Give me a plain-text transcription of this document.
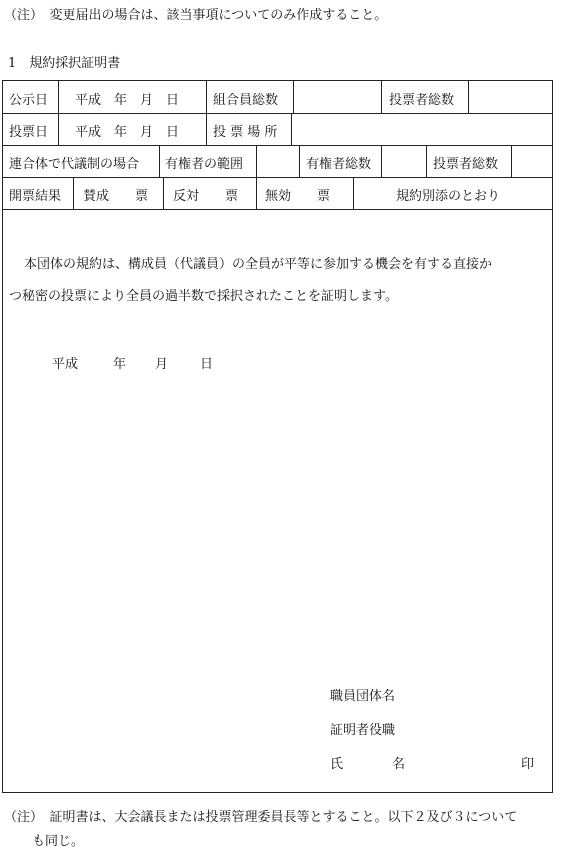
（注）　変更届出の場合は、該当事項についてのみ作成すること。
1　規約採択証明書
公示日 平成　年　月　日	組合員総数	投票者総数
投票日 平成　年　月　日	投 票 場 所
連合体で代議制の場合 有権者の範囲	有権者総数	投票者総数
開票結果 賛成　　票 反対　　票 無効　　票	規約別添のとおり
本団体の規約は、構成員（代議員）の全員が平等に参加する機会を有する直接か
つ秘密の投票により全員の過半数で採択されたことを証明します。
平成	年 月 日
職員団体名
証明者役職
氏	名	印
（注）　証明書は、大会議長または投票管理委員長等とすること。以下２及び３について
も同じ。
